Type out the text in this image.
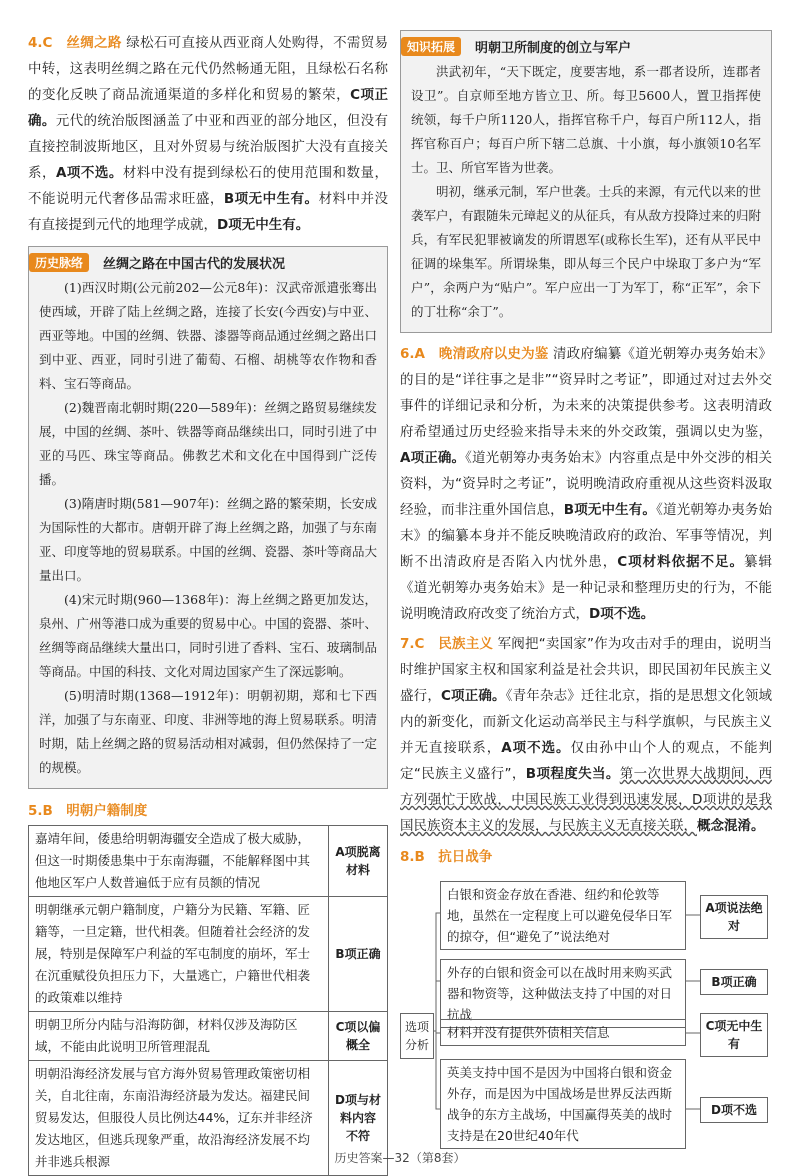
4.C　丝绸之路 绿松石可直接从西亚商人处购得，不需贸易中转，这表明丝绸之路在元代仍然畅通无阻，且绿松石名称的变化反映了商品流通渠道的多样化和贸易的繁荣，C项正确。元代的统治版图涵盖了中亚和西亚的部分地区，但没有直接控制波斯地区，且对外贸易与统治版图扩大没有直接关系，A项不选。材料中没有提到绿松石的使用范围和数量，不能说明元代奢侈品需求旺盛，B项无中生有。材料中并没有直接提到元代的地理学成就，D项无中生有。

历史脉络	丝绸之路在中国古代的发展状况

(1)西汉时期(公元前202—公元8年)：汉武帝派遣张骞出使西域，开辟了陆上丝绸之路，连接了长安(今西安)与中亚、西亚等地。中国的丝绸、铁器、漆器等商品通过丝绸之路出口到中亚、西亚，同时引进了葡萄、石榴、胡桃等农作物和香料、宝石等商品。

(2)魏晋南北朝时期(220—589年)：丝绸之路贸易继续发展，中国的丝绸、茶叶、铁器等商品继续出口，同时引进了中亚的马匹、珠宝等商品。佛教艺术和文化在中国得到广泛传播。

(3)隋唐时期(581—907年)：丝绸之路的繁荣期，长安成为国际性的大都市。唐朝开辟了海上丝绸之路，加强了与东南亚、印度等地的贸易联系。中国的丝绸、瓷器、茶叶等商品大量出口。

(4)宋元时期(960—1368年)：海上丝绸之路更加发达，泉州、广州等港口成为重要的贸易中心。中国的瓷器、茶叶、丝绸等商品继续大量出口，同时引进了香料、宝石、玻璃制品等商品。中国的科技、文化对周边国家产生了深远影响。

(5)明清时期(1368—1912年)：明朝初期，郑和七下西洋，加强了与东南亚、印度、非洲等地的海上贸易联系。明清时期，陆上丝绸之路的贸易活动相对减弱，但仍然保持了一定的规模。

5.B　明朝户籍制度
嘉靖年间，倭患给明朝海疆安全造成了极大威胁，但这一时期倭患集中于东南海疆，不能解释图中其他地区军户人数普遍低于应有员额的情况	A项脱离材料
明朝继承元朝户籍制度，户籍分为民籍、军籍、匠籍等，一旦定籍，世代相袭。但随着社会经济的发展，特别是保障军户利益的军屯制度的崩坏，军士在沉重赋役负担压力下，大量逃亡，户籍世代相袭的政策难以维持	B项正确
明朝卫所分内陆与沿海防御，材料仅涉及海防区域，不能由此说明卫所管理混乱	C项以偏概全
明朝沿海经济发展与官方海外贸易管理政策密切相关，自北往南，东南沿海经济最为发达。福建民间贸易发达，但服役人员比例达44%，辽东并非经济发达地区，但逃兵现象严重，故沿海经济发展不均并非逃兵根源	D项与材料内容不符
知识拓展	明朝卫所制度的创立与军户

洪武初年，“天下既定，度要害地，系一郡者设所，连郡者设卫”。自京师至地方皆立卫、所。每卫5600人，置卫指挥使统领，每千户所1120人，指挥官称千户，每百户所112人，指挥官称百户；每百户所下辖二总旗、十小旗，每小旗领10名军士。卫、所官军皆为世袭。

明初，继承元制，军户世袭。士兵的来源，有元代以来的世袭军户，有跟随朱元璋起义的从征兵，有从敌方投降过来的归附兵，有军民犯罪被谪发的所谓恩军(或称长生军)，还有从平民中征调的垛集军。所谓垛集，即从每三个民户中垛取丁多户为“军户”，余两户为“贴户”。军户应出一丁为军丁，称“正军”，余下的丁壮称“余丁”。

6.A　晚清政府以史为鉴 清政府编纂《道光朝筹办夷务始末》的目的是“详往事之是非”“资异时之考证”，即通过对过去外交事件的详细记录和分析，为未来的决策提供参考。这表明清政府希望通过历史经验来指导未来的外交政策，强调以史为鉴，A项正确。《道光朝筹办夷务始末》内容重点是中外交涉的相关资料，为“资异时之考证”，说明晚清政府重视从这些资料汲取经验，而非注重外国信息，B项无中生有。《道光朝筹办夷务始末》的编纂本身并不能反映晚清政府的政治、军事等情况，判断不出清政府是否陷入内忧外患，C项材料依据不足。纂辑《道光朝筹办夷务始末》是一种记录和整理历史的行为，不能说明晚清政府改变了统治方式，D项不选。

7.C　民族主义 军阀把“卖国家”作为攻击对手的理由，说明当时维护国家主权和国家利益是社会共识，即民国初年民族主义盛行，C项正确。《青年杂志》迁往北京，指的是思想文化领域内的新变化，而新文化运动高举民主与科学旗帜，与民族主义并无直接联系，A项不选。仅由孙中山个人的观点，不能判定“民族主义盛行”，B项程度失当。第一次世界大战期间，西方列强忙于欧战，中国民族工业得到迅速发展，D项讲的是我国民族资本主义的发展，与民族主义无直接关联，概念混淆。

8.B　抗日战争
选项分析
白银和资金存放在香港、纽约和伦敦等地，虽然在一定程度上可以避免侵华日军的掠夺，但“避免了”说法绝对
A项说法绝对
外存的白银和资金可以在战时用来购买武器和物资等，这种做法支持了中国的对日抗战
B项正确
材料并没有提供外债相关信息	C项无中生有
英美支持中国不是因为中国将白银和资金外存，而是因为中国战场是世界反法西斯战争的东方主战场，中国赢得英美的战时支持是在20世纪40年代
D项不选
历史答案—32（第8套）
